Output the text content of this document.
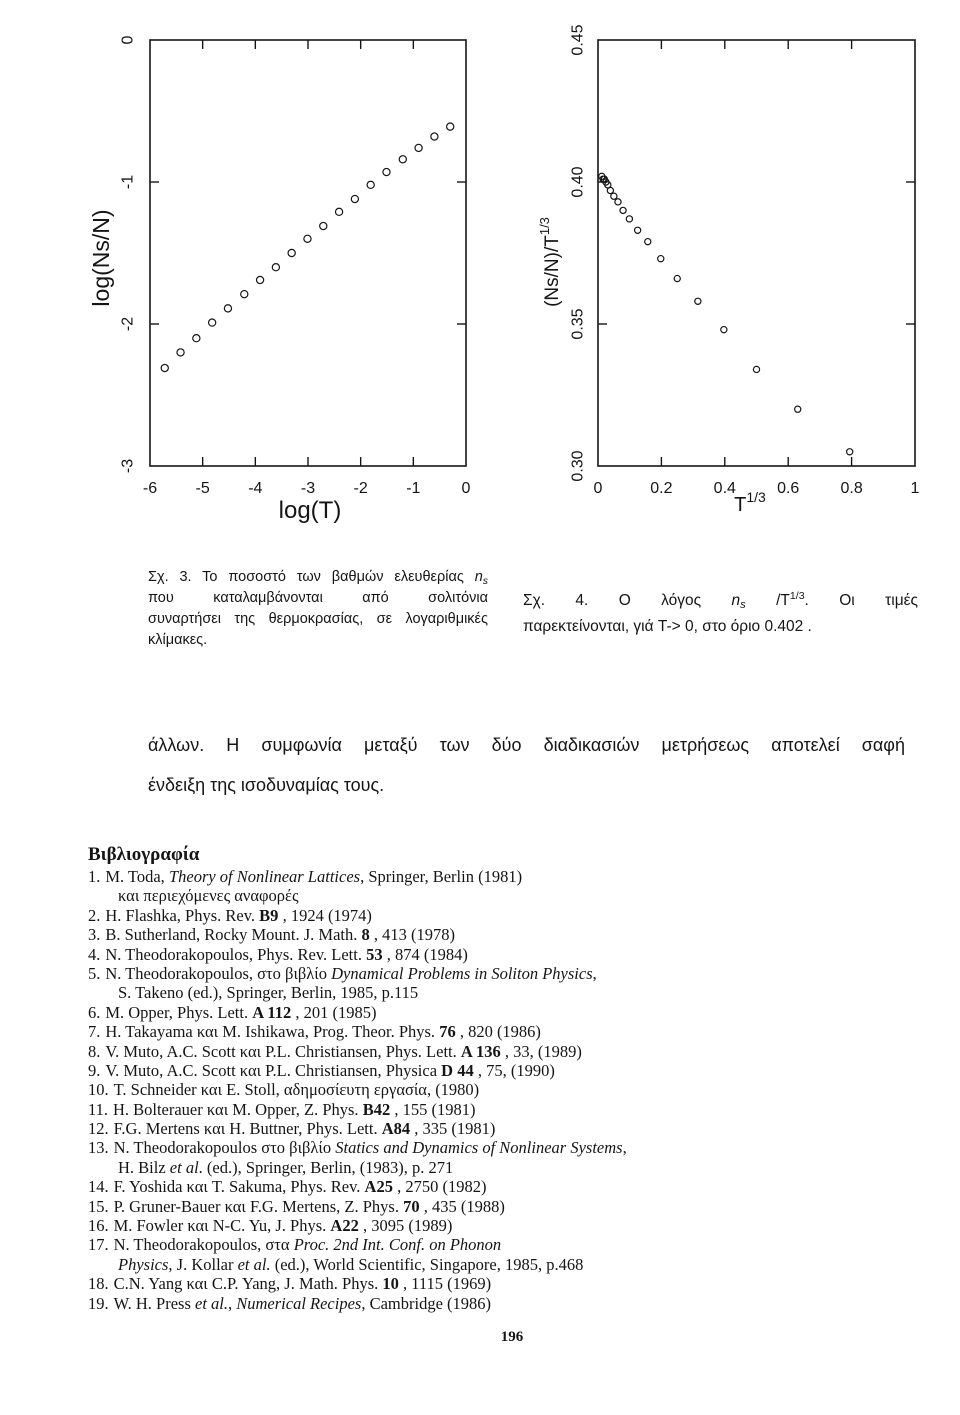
-6 -5 -4 -3 -2 -1	0
0
-1
-2
-3
log(T)
log(Ns/N)
0	0.2	0.4	0.6	0.8	1
0.45
0.40
0.35
0.30
$T^{1/3}$
$(Ns/N)/T^{1/3}$
Σχ. 3. Το ποσοστό των βαθμών ελευθερίας $n_s$
που καταλαμβάνονται από σολιτόνια
συναρτήσει της θερμοκρασίας, σε λογαριθμικές
κλίμακες.
Σχ. 4. Ο λόγος $n_s$ $/T^{1/3}$. Οι τιμές
παρεκτείνονται, γιά T-> 0, στο όριο 0.402 .
άλλων. Η συμφωνία μεταξύ των δύο διαδικασιών μετρήσεως αποτελεί σαφή
ένδειξη της ισοδυναμίας τους.
Βιβλιογραφία
1. M. Toda, Theory of Nonlinear Lattices, Springer, Berlin (1981)
και περιεχόμενες αναφορές
2. H. Flashka, Phys. Rev. B9 , 1924 (1974)
3. B. Sutherland, Rocky Mount. J. Math. 8 , 413 (1978)
4. N. Theodorakopoulos, Phys. Rev. Lett. 53 , 874 (1984)
5. N. Theodorakopoulos, στο βιβλίο Dynamical Problems in Soliton Physics,
S. Takeno (ed.), Springer, Berlin, 1985, p.115
6. M. Opper, Phys. Lett. A 112 , 201 (1985)
7. H. Takayama και M. Ishikawa, Prog. Theor. Phys. 76 , 820 (1986)
8. V. Muto, A.C. Scott και P.L. Christiansen, Phys. Lett. A 136 , 33, (1989)
9. V. Muto, A.C. Scott και P.L. Christiansen, Physica D 44 , 75, (1990)
10. T. Schneider και E. Stoll, αδημοσίευτη εργασία, (1980)
11. H. Bolterauer και M. Opper, Z. Phys. B42 , 155 (1981)
12. F.G. Mertens και H. Buttner, Phys. Lett. A84 , 335 (1981)
13. N. Theodorakopoulos στο βιβλίο Statics and Dynamics of Nonlinear Systems,
H. Bilz et al. (ed.), Springer, Berlin, (1983), p. 271
14. F. Yoshida και T. Sakuma, Phys. Rev. A25 , 2750 (1982)
15. P. Gruner-Bauer και F.G. Mertens, Z. Phys. 70 , 435 (1988)
16. M. Fowler και N-C. Yu, J. Phys. A22 , 3095 (1989)
17. N. Theodorakopoulos, στα Proc. 2nd Int. Conf. on Phonon
Physics, J. Kollar et al. (ed.), World Scientific, Singapore, 1985, p.468
18. C.N. Yang και C.P. Yang, J. Math. Phys. 10 , 1115 (1969)
19. W. H. Press et al., Numerical Recipes, Cambridge (1986)
196
